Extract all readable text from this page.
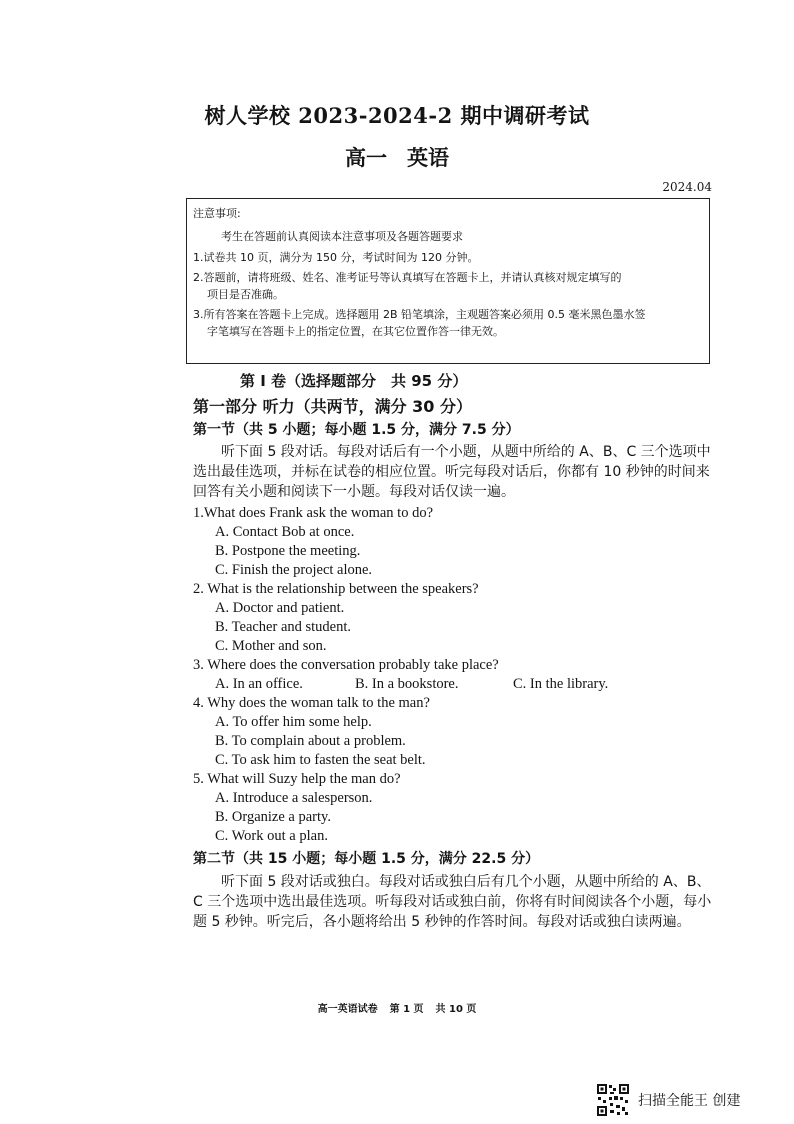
树人学校 2023-2024-2 期中调研考试
高一 英语
2024.04
注意事项:
考生在答题前认真阅读本注意事项及各题答题要求
1.试卷共 10 页，满分为 150 分，考试时间为 120 分钟。
2.答题前，请将班级、姓名、准考证号等认真填写在答题卡上，并请认真核对规定填写的
项目是否准确。
3.所有答案在答题卡上完成。选择题用 2B 铅笔填涂，主观题答案必须用 0.5 毫米黑色墨水签
字笔填写在答题卡上的指定位置，在其它位置作答一律无效。
第 I 卷（选择题部分　共 95 分）
第一部分 听力（共两节，满分 30 分）
第一节（共 5 小题；每小题 1.5 分，满分 7.5 分）
听下面 5 段对话。每段对话后有一个小题，从题中所给的 A、B、C 三个选项中选出最佳选项，并标在试卷的相应位置。听完每段对话后，你都有 10 秒钟的时间来回答有关小题和阅读下一小题。每段对话仅读一遍。
1.What does Frank ask the woman to do?
A. Contact Bob at once.
B. Postpone the meeting.
C. Finish the project alone.
2. What is the relationship between the speakers?
A. Doctor and patient.
B. Teacher and student.
C. Mother and son.
3. Where does the conversation probably take place?
A. In an office.	B. In a bookstore.	C. In the library.
4. Why does the woman talk to the man?
A. To offer him some help.
B. To complain about a problem.
C. To ask him to fasten the seat belt.
5. What will Suzy help the man do?
A. Introduce a salesperson.
B. Organize a party.
C. Work out a plan.
第二节（共 15 小题；每小题 1.5 分，满分 22.5 分）
听下面 5 段对话或独白。每段对话或独白后有几个小题，从题中所给的 A、B、C 三个选项中选出最佳选项。听每段对话或独白前，你将有时间阅读各个小题，每小题 5 秒钟。听完后，各小题将给出 5 秒钟的作答时间。每段对话或独白读两遍。
高一英语试卷 第 1 页 共 10 页
扫描全能王 创建
